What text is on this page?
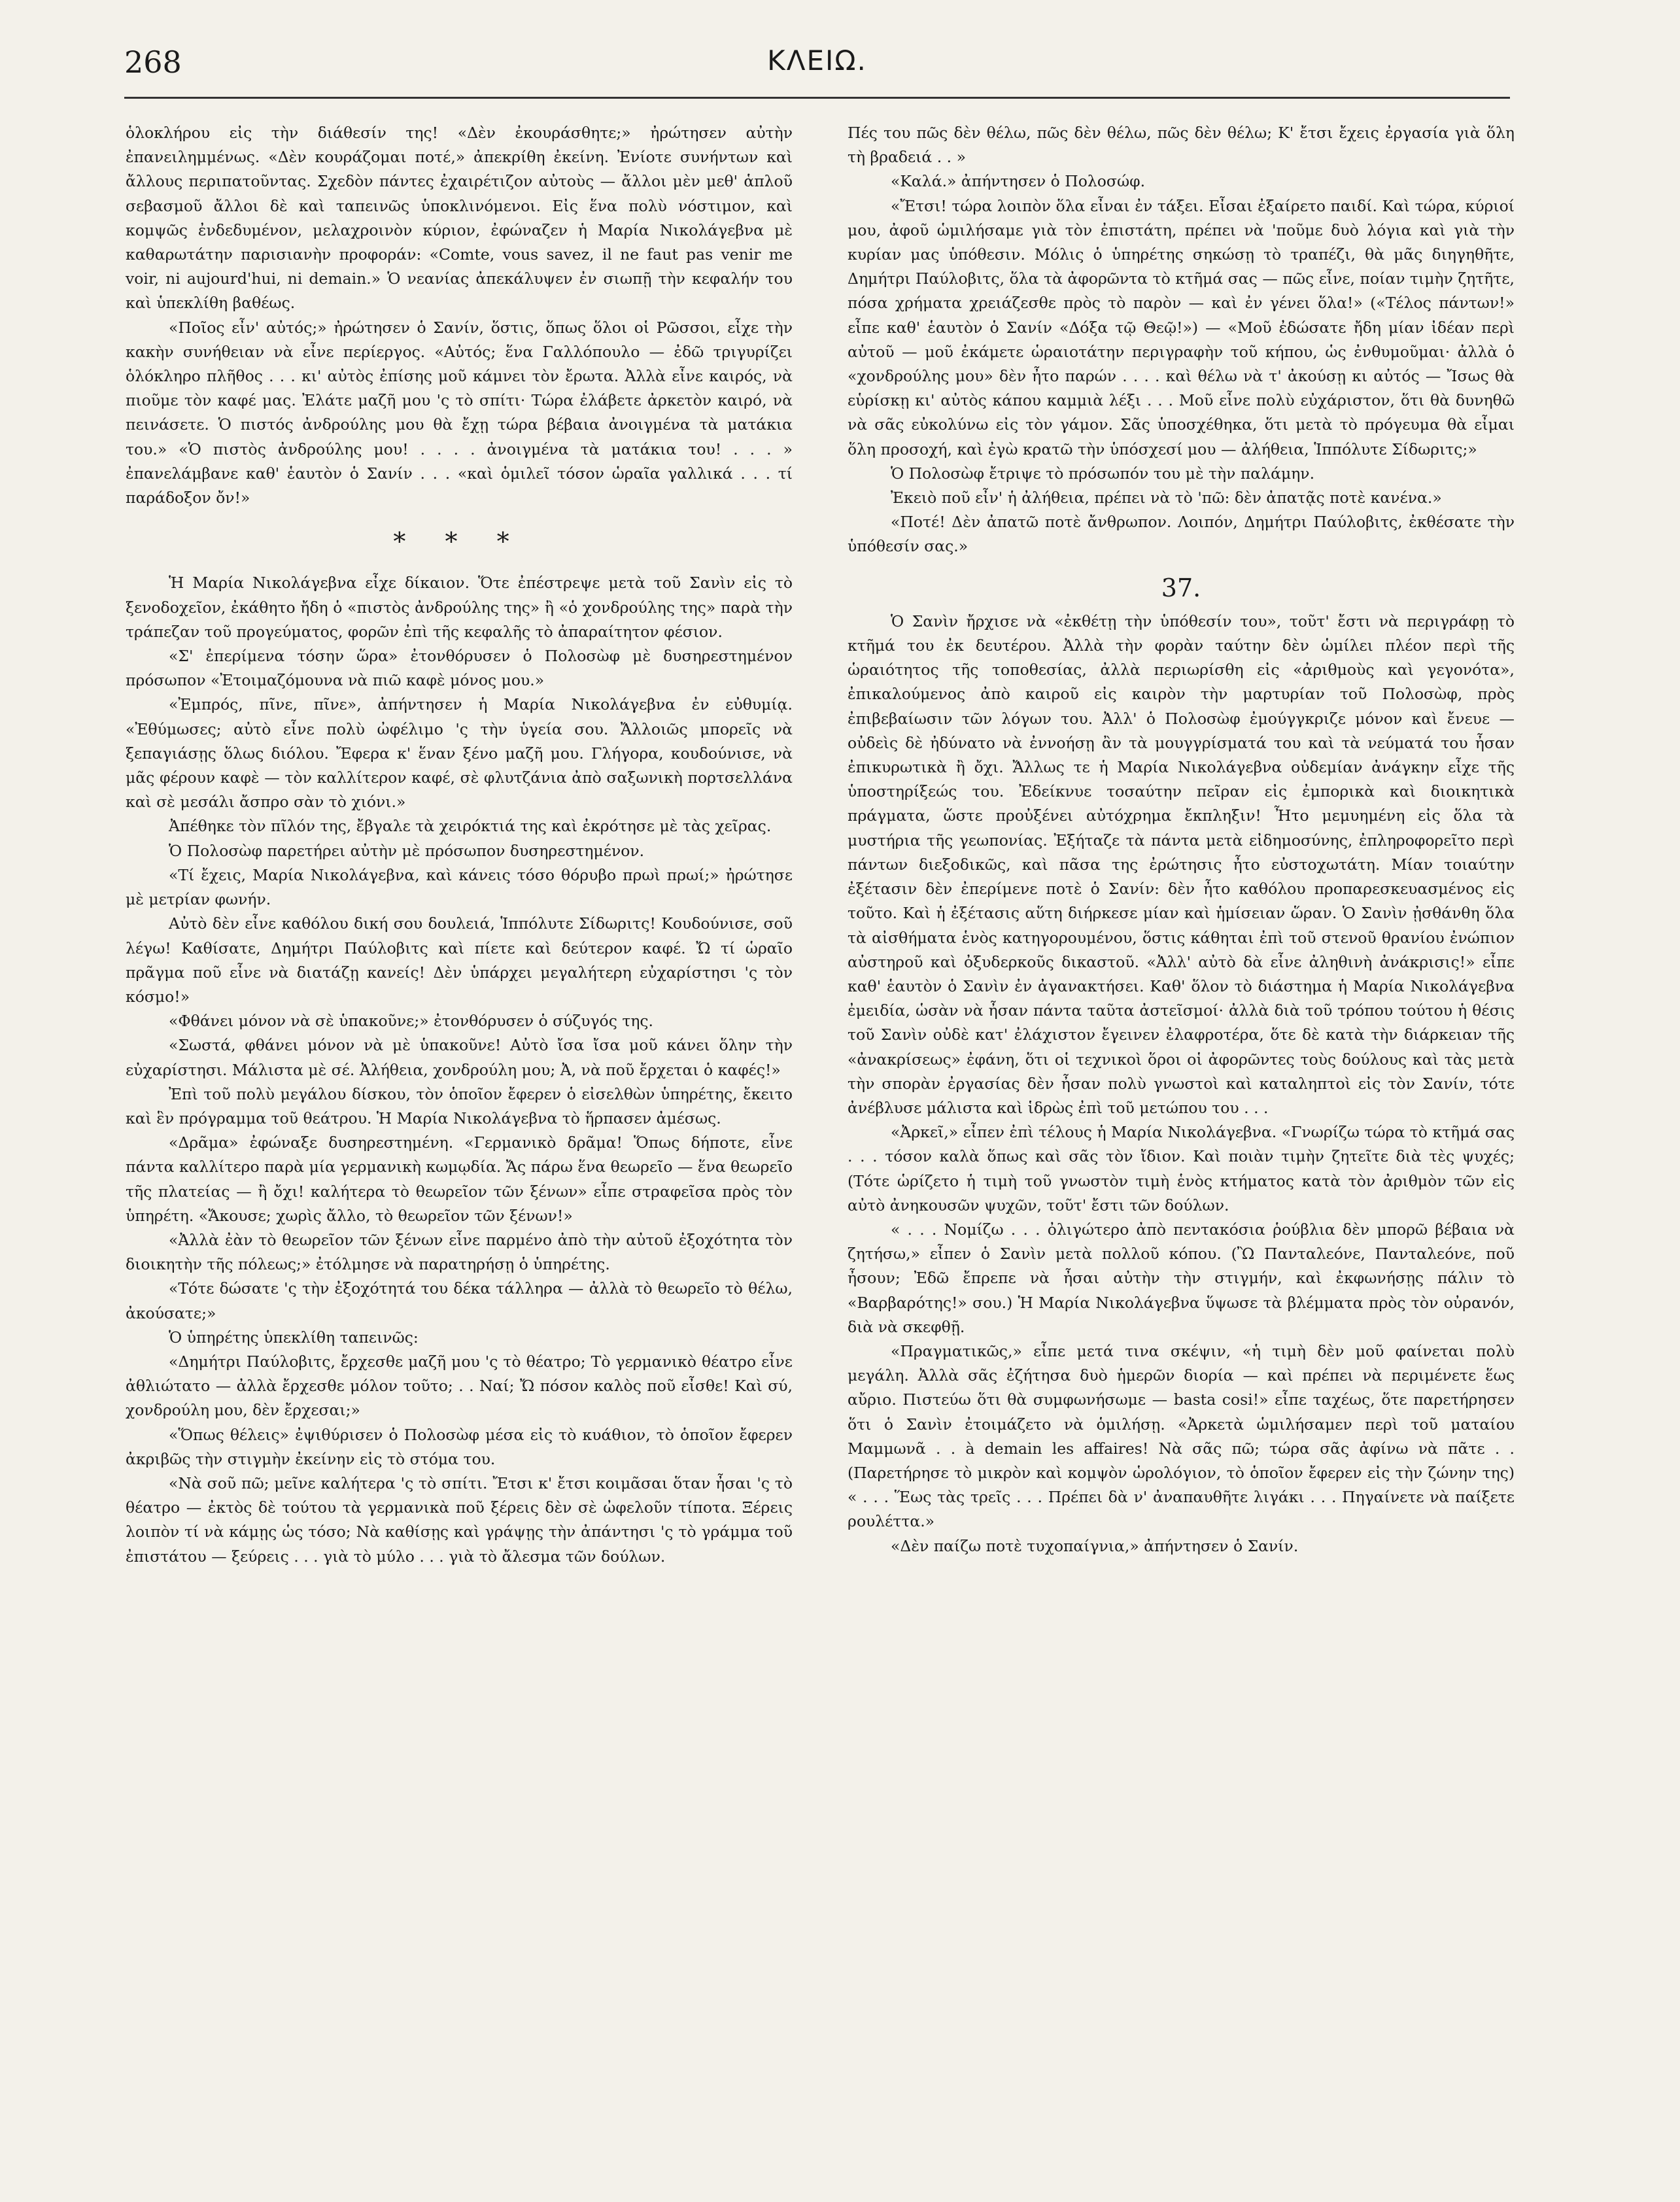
268	ΚΛΕΙΩ.

ὁλοκλήρου εἰς τὴν διάθεσίν της! «Δὲν ἐκουράσθητε;» ἠρώτησεν αὐτὴν ἐπανειλημμένως. «Δὲν κουράζομαι ποτέ,» ἀπεκρίθη ἐκείνη. Ἐνίοτε συνήντων καὶ ἄλλους περιπατοῦντας. Σχεδὸν πάντες ἐχαιρέτιζον αὐτοὺς — ἄλλοι μὲν μεθ' ἁπλοῦ σεβασμοῦ ἄλλοι δὲ καὶ ταπεινῶς ὑποκλινόμενοι. Εἰς ἕνα πολὺ νόστιμον, καὶ κομψῶς ἐνδεδυμένον, μελαχροινὸν κύριον, ἐφώναζεν ἡ Μαρία Νικολάγεβνα μὲ καθαρωτάτην παρισιανὴν προφοράν: «Comte, vous savez, il ne faut pas venir me voir, ni aujourd'hui, ni demain.» Ὁ νεανίας ἀπεκάλυψεν ἐν σιωπῇ τὴν κεφαλήν του καὶ ὑπεκλίθη βαθέως.

«Ποῖος εἶν' αὐτός;» ἠρώτησεν ὁ Σανίν, ὅστις, ὅπως ὅλοι οἱ Ρῶσσοι, εἶχε τὴν κακὴν συνήθειαν νὰ εἶνε περίεργος. «Αὐτός; ἕνα Γαλλόπουλο — ἐδῶ τριγυρίζει ὁλόκληρο πλῆθος . . . κι' αὐτὸς ἐπίσης μοῦ κάμνει τὸν ἔρωτα. Ἀλλὰ εἶνε καιρός, νὰ πιοῦμε τὸν καφέ μας. Ἐλάτε μαζῆ μου 'ς τὸ σπίτι· Τώρα ἐλάβετε ἀρκετὸν καιρό, νὰ πεινάσετε. Ὁ πιστός ἀνδρούλης μου θὰ ἔχῃ τώρα βέβαια ἀνοιγμένα τὰ ματάκια του.» «Ὁ πιστὸς ἀνδρούλης μου! . . . . ἀνοιγμένα τὰ ματάκια του! . . . » ἐπανελάμβανε καθ' ἑαυτὸν ὁ Σανίν . . . «καὶ ὁμιλεῖ τόσον ὡραῖα γαλλικά . . . τί παράδοξον ὄν!»

* * *

Ἡ Μαρία Νικολάγεβνα εἶχε δίκαιον. Ὅτε ἐπέστρεψε μετὰ τοῦ Σανὶν εἰς τὸ ξενοδοχεῖον, ἐκάθητο ἤδη ὁ «πιστὸς ἀνδρούλης της» ἢ «ὁ χονδρούλης της» παρὰ τὴν τράπεζαν τοῦ προγεύματος, φορῶν ἐπὶ τῆς κεφαλῆς τὸ ἀπαραίτητον φέσιον.

«Σ' ἐπερίμενα τόσην ὥρα» ἐτονθόρυσεν ὁ Πολοσὼφ μὲ δυσηρεστημένον πρόσωπον «Ἐτοιμαζόμουνα νὰ πιῶ καφὲ μόνος μου.»

«Ἐμπρός, πῖνε, πῖνε», ἀπήντησεν ἡ Μαρία Νικολάγεβνα ἐν εὐθυμίᾳ. «Ἐθύμωσες; αὐτὸ εἶνε πολὺ ὠφέλιμο 'ς τὴν ὑγεία σου. Ἄλλοιῶς μπορεῖς νὰ ξεπαγιάσῃς ὅλως διόλου. Ἔφερα κ' ἕναν ξένο μαζῆ μου. Γλήγορα, κουδούνισε, νὰ μᾶς φέρουν καφὲ — τὸν καλλίτερον καφέ, σὲ φλυτζάνια ἀπὸ σαξωνικὴ πορτσελλάνα καὶ σὲ μεσάλι ἄσπρο σὰν τὸ χιόνι.»

Ἀπέθηκε τὸν πῖλόν της, ἔβγαλε τὰ χειρόκτιά της καὶ ἐκρότησε μὲ τὰς χεῖρας.

Ὁ Πολοσὼφ παρετήρει αὐτὴν μὲ πρόσωπον δυσηρεστημένον.

«Τί ἔχεις, Μαρία Νικολάγεβνα, καὶ κάνεις τόσο θόρυβο πρωὶ πρωί;» ἠρώτησε μὲ μετρίαν φωνήν.

Αὐτὸ δὲν εἶνε καθόλου δική σου δουλειά, Ἱππόλυτε Σίδωριτς! Κουδούνισε, σοῦ λέγω! Καθίσατε, Δημήτρι Παύλοβιτς καὶ πίετε καὶ δεύτερον καφέ. Ὤ τί ὡραῖο πρᾶγμα ποῦ εἶνε νὰ διατάζῃ κανείς! Δὲν ὑπάρχει μεγαλήτερη εὐχαρίστησι 'ς τὸν κόσμο!»

«Φθάνει μόνον νὰ σὲ ὑπακοῦνε;» ἐτονθόρυσεν ὁ σύζυγός της.

«Σωστά, φθάνει μόνον νὰ μὲ ὑπακοῦνε! Αὐτὸ ἴσα ἴσα μοῦ κάνει ὅλην τὴν εὐχαρίστησι. Μάλιστα μὲ σέ. Ἀλήθεια, χονδρούλη μου; Ἀ, νὰ ποῦ ἔρχεται ὁ καφές!»

Ἐπὶ τοῦ πολὺ μεγάλου δίσκου, τὸν ὁποῖον ἔφερεν ὁ εἰσελθὼν ὑπηρέτης, ἔκειτο καὶ ἓν πρόγραμμα τοῦ θεάτρου. Ἡ Μαρία Νικολάγεβνα τὸ ἥρπασεν ἀμέσως.

«Δρᾶμα» ἐφώναξε δυσηρεστημένη. «Γερμανικὸ δρᾶμα! Ὅπως δήποτε, εἶνε πάντα καλλίτερο παρὰ μία γερμανικὴ κωμῳδία. Ἄς πάρω ἕνα θεωρεῖο — ἕνα θεωρεῖο τῆς πλατείας — ἢ ὄχι! καλήτερα τὸ θεωρεῖον τῶν ξένων» εἶπε στραφεῖσα πρὸς τὸν ὑπηρέτη. «Ἄκουσε; χωρὶς ἄλλο, τὸ θεωρεῖον τῶν ξένων!»

«Ἀλλὰ ἐὰν τὸ θεωρεῖον τῶν ξένων εἶνε παρμένο ἀπὸ τὴν αὐτοῦ ἐξοχότητα τὸν διοικητὴν τῆς πόλεως;» ἐτόλμησε νὰ παρατηρήσῃ ὁ ὑπηρέτης.

«Τότε δώσατε 'ς τὴν ἐξοχότητά του δέκα τάλληρα — ἀλλὰ τὸ θεωρεῖο τὸ θέλω, ἀκούσατε;»

Ὁ ὑπηρέτης ὑπεκλίθη ταπεινῶς:

«Δημήτρι Παύλοβιτς, ἔρχεσθε μαζῆ μου 'ς τὸ θέατρο; Τὸ γερμανικὸ θέατρο εἶνε ἀθλιώτατο — ἀλλὰ ἔρχεσθε μόλον τοῦτο; . . Ναί; Ὤ πόσον καλὸς ποῦ εἶσθε! Καὶ σύ, χονδρούλη μου, δὲν ἔρχεσαι;»

«Ὅπως θέλεις» ἐψιθύρισεν ὁ Πολοσὼφ μέσα εἰς τὸ κυάθιον, τὸ ὁποῖον ἔφερεν ἀκριβῶς τὴν στιγμὴν ἐκείνην εἰς τὸ στόμα του.

«Νὰ σοῦ πῶ; μεῖνε καλήτερα 'ς τὸ σπίτι. Ἔτσι κ' ἔτσι κοιμᾶσαι ὅταν ἦσαι 'ς τὸ θέατρο — ἐκτὸς δὲ τούτου τὰ γερμανικὰ ποῦ ξέρεις δὲν σὲ ὠφελοῦν τίποτα. Ξέρεις λοιπὸν τί νὰ κάμῃς ὡς τόσο; Νὰ καθίσῃς καὶ γράψῃς τὴν ἀπάντησι 'ς τὸ γράμμα τοῦ ἐπιστάτου — ξεύρεις . . . γιὰ τὸ μύλο . . . γιὰ τὸ ἄλεσμα τῶν δούλων.

Πές του πῶς δὲν θέλω, πῶς δὲν θέλω, πῶς δὲν θέλω; Κ' ἔτσι ἔχεις ἐργασία γιὰ ὅλη τὴ βραδειά . . »

«Καλά.» ἀπήντησεν ὁ Πολοσώφ.

«Ἔτσι! τώρα λοιπὸν ὅλα εἶναι ἐν τάξει. Εἶσαι ἐξαίρετο παιδί. Καὶ τώρα, κύριοί μου, ἀφοῦ ὡμιλήσαμε γιὰ τὸν ἐπιστάτη, πρέπει νὰ 'ποῦμε δυὸ λόγια καὶ γιὰ τὴν κυρίαν μας ὑπόθεσιν. Μόλις ὁ ὑπηρέτης σηκώσῃ τὸ τραπέζι, θὰ μᾶς διηγηθῆτε, Δημήτρι Παύλοβιτς, ὅλα τὰ ἀφορῶντα τὸ κτῆμά σας — πῶς εἶνε, ποίαν τιμὴν ζητῆτε, πόσα χρήματα χρειάζεσθε πρὸς τὸ παρὸν — καὶ ἐν γένει ὅλα!» («Τέλος πάντων!» εἶπε καθ' ἑαυτὸν ὁ Σανίν «Δόξα τῷ Θεῷ!») — «Μοῦ ἐδώσατε ἤδη μίαν ἰδέαν περὶ αὐτοῦ — μοῦ ἐκάμετε ὡραιοτάτην περιγραφὴν τοῦ κήπου, ὡς ἐνθυμοῦμαι· ἀλλὰ ὁ «χονδρούλης μου» δὲν ἦτο παρών . . . . καὶ θέλω νὰ τ' ἀκούσῃ κι αὐτός — Ἴσως θὰ εὑρίσκῃ κι' αὐτὸς κάπου καμμιὰ λέξι . . . Μοῦ εἶνε πολὺ εὐχάριστον, ὅτι θὰ δυνηθῶ νὰ σᾶς εὐκολύνω εἰς τὸν γάμον. Σᾶς ὑποσχέθηκα, ὅτι μετὰ τὸ πρόγευμα θὰ εἶμαι ὅλη προσοχή, καὶ ἐγὼ κρατῶ τὴν ὑπόσχεσί μου — ἀλήθεια, Ἱππόλυτε Σίδωριτς;»

Ὁ Πολοσὼφ ἔτριψε τὸ πρόσωπόν του μὲ τὴν παλάμην.

Ἐκειὸ ποῦ εἶν' ἡ ἀλήθεια, πρέπει νὰ τὸ 'πῶ: δὲν ἀπατᾷς ποτὲ κανένα.»

«Ποτέ! Δὲν ἀπατῶ ποτὲ ἄνθρωπον. Λοιπόν, Δημήτρι Παύλοβιτς, ἐκθέσατε τὴν ὑπόθεσίν σας.»

37.

Ὁ Σανὶν ἤρχισε νὰ «ἐκθέτῃ τὴν ὑπόθεσίν του», τοῦτ' ἔστι νὰ περιγράφῃ τὸ κτῆμά του ἐκ δευτέρου. Ἀλλὰ τὴν φορὰν ταύτην δὲν ὡμίλει πλέον περὶ τῆς ὡραιότητος τῆς τοποθεσίας, ἀλλὰ περιωρίσθη εἰς «ἀριθμοὺς καὶ γεγονότα», ἐπικαλούμενος ἀπὸ καιροῦ εἰς καιρὸν τὴν μαρτυρίαν τοῦ Πολοσὼφ, πρὸς ἐπιβεβαίωσιν τῶν λόγων του. Ἀλλ' ὁ Πολοσὼφ ἐμούγγκριζε μόνον καὶ ἔνευε — οὐδεὶς δὲ ἠδύνατο νὰ ἐννοήσῃ ἂν τὰ μουγγρίσματά του καὶ τὰ νεύματά του ἦσαν ἐπικυρωτικὰ ἢ ὄχι. Ἄλλως τε ἡ Μαρία Νικολάγεβνα οὐδεμίαν ἀνάγκην εἶχε τῆς ὑποστηρίξεώς του. Ἐδείκνυε τοσαύτην πεῖραν εἰς ἐμπορικὰ καὶ διοικητικὰ πράγματα, ὥστε προὐξένει αὐτόχρημα ἔκπληξιν! Ἦτο μεμυημένη εἰς ὅλα τὰ μυστήρια τῆς γεωπονίας. Ἐξήταζε τὰ πάντα μετὰ εἰδημοσύνης, ἐπληροφορεῖτο περὶ πάντων διεξοδικῶς, καὶ πᾶσα της ἐρώτησις ἦτο εὐστοχωτάτη. Μίαν τοιαύτην ἐξέτασιν δὲν ἐπερίμενε ποτὲ ὁ Σανίν: δὲν ἦτο καθόλου προπαρεσκευασμένος εἰς τοῦτο. Καὶ ἡ ἐξέτασις αὕτη διήρκεσε μίαν καὶ ἡμίσειαν ὥραν. Ὁ Σανὶν ᾐσθάνθη ὅλα τὰ αἰσθήματα ἑνὸς κατηγορουμένου, ὅστις κάθηται ἐπὶ τοῦ στενοῦ θρανίου ἐνώπιον αὐστηροῦ καὶ ὀξυδερκοῦς δικαστοῦ. «Ἀλλ' αὐτὸ δὰ εἶνε ἀληθινὴ ἀνάκρισις!» εἶπε καθ' ἑαυτὸν ὁ Σανὶν ἐν ἀγανακτήσει. Καθ' ὅλον τὸ διάστημα ἡ Μαρία Νικολάγεβνα ἐμειδία, ὡσὰν νὰ ἦσαν πάντα ταῦτα ἀστεῖσμοί· ἀλλὰ διὰ τοῦ τρόπου τούτου ἡ θέσις τοῦ Σανὶν οὐδὲ κατ' ἐλάχιστον ἔγεινεν ἐλαφροτέρα, ὅτε δὲ κατὰ τὴν διάρκειαν τῆς «ἀνακρίσεως» ἐφάνη, ὅτι οἱ τεχνικοὶ ὅροι οἱ ἀφορῶντες τοὺς δούλους καὶ τὰς μετὰ τὴν σπορὰν ἐργασίας δὲν ἦσαν πολὺ γνωστοὶ καὶ καταληπτοὶ εἰς τὸν Σανίν, τότε ἀνέβλυσε μάλιστα καὶ ἱδρὼς ἐπὶ τοῦ μετώπου του . . .

«Ἀρκεῖ,» εἶπεν ἐπὶ τέλους ἡ Μαρία Νικολάγεβνα. «Γνωρίζω τώρα τὸ κτῆμά σας . . . τόσον καλὰ ὅπως καὶ σᾶς τὸν ἴδιον. Καὶ ποιὰν τιμὴν ζητεῖτε διὰ τὲς ψυχές; (Τότε ὡρίζετο ἡ τιμὴ τοῦ γνωστὸν τιμὴ ἑνὸς κτήματος κατὰ τὸν ἀριθμὸν τῶν εἰς αὐτὸ ἀνηκουσῶν ψυχῶν, τοῦτ' ἔστι τῶν δούλων.

« . . . Νομίζω . . . ὀλιγώτερο ἀπὸ πεντακόσια ῥούβλια δὲν μπορῶ βέβαια νὰ ζητήσω,» εἶπεν ὁ Σανὶν μετὰ πολλοῦ κόπου. (Ὢ Πανταλεόνε, Πανταλεόνε, ποῦ ἦσουν; Ἐδῶ ἔπρεπε νὰ ἦσαι αὐτὴν τὴν στιγμήν, καὶ ἐκφωνήσῃς πάλιν τὸ «Βαρβαρότης!» σου.) Ἡ Μαρία Νικολάγεβνα ὕψωσε τὰ βλέμματα πρὸς τὸν οὐρανόν, διὰ νὰ σκεφθῇ.

«Πραγματικῶς,» εἶπε μετά τινα σκέψιν, «ἡ τιμὴ δὲν μοῦ φαίνεται πολὺ μεγάλη. Ἀλλὰ σᾶς ἐζήτησα δυὸ ἡμερῶν διορία — καὶ πρέπει νὰ περιμένετε ἕως αὔριο. Πιστεύω ὅτι θὰ συμφωνήσωμε — basta cosi!» εἶπε ταχέως, ὅτε παρετήρησεν ὅτι ὁ Σανὶν ἐτοιμάζετο νὰ ὁμιλήσῃ. «Ἀρκετὰ ὡμιλήσαμεν περὶ τοῦ ματαίου Μαμμωνᾶ . . à demain les affaires! Νὰ σᾶς πῶ; τώρα σᾶς ἀφίνω νὰ πᾶτε . . (Παρετήρησε τὸ μικρὸν καὶ κομψὸν ὡρολόγιον, τὸ ὁποῖον ἔφερεν εἰς τὴν ζώνην της) « . . . Ἕως τὰς τρεῖς . . . Πρέπει δὰ ν' ἀναπαυθῆτε λιγάκι . . . Πηγαίνετε νὰ παίξετε ρουλέττα.»

«Δὲν παίζω ποτὲ τυχοπαίγνια,» ἀπήντησεν ὁ Σανίν.
